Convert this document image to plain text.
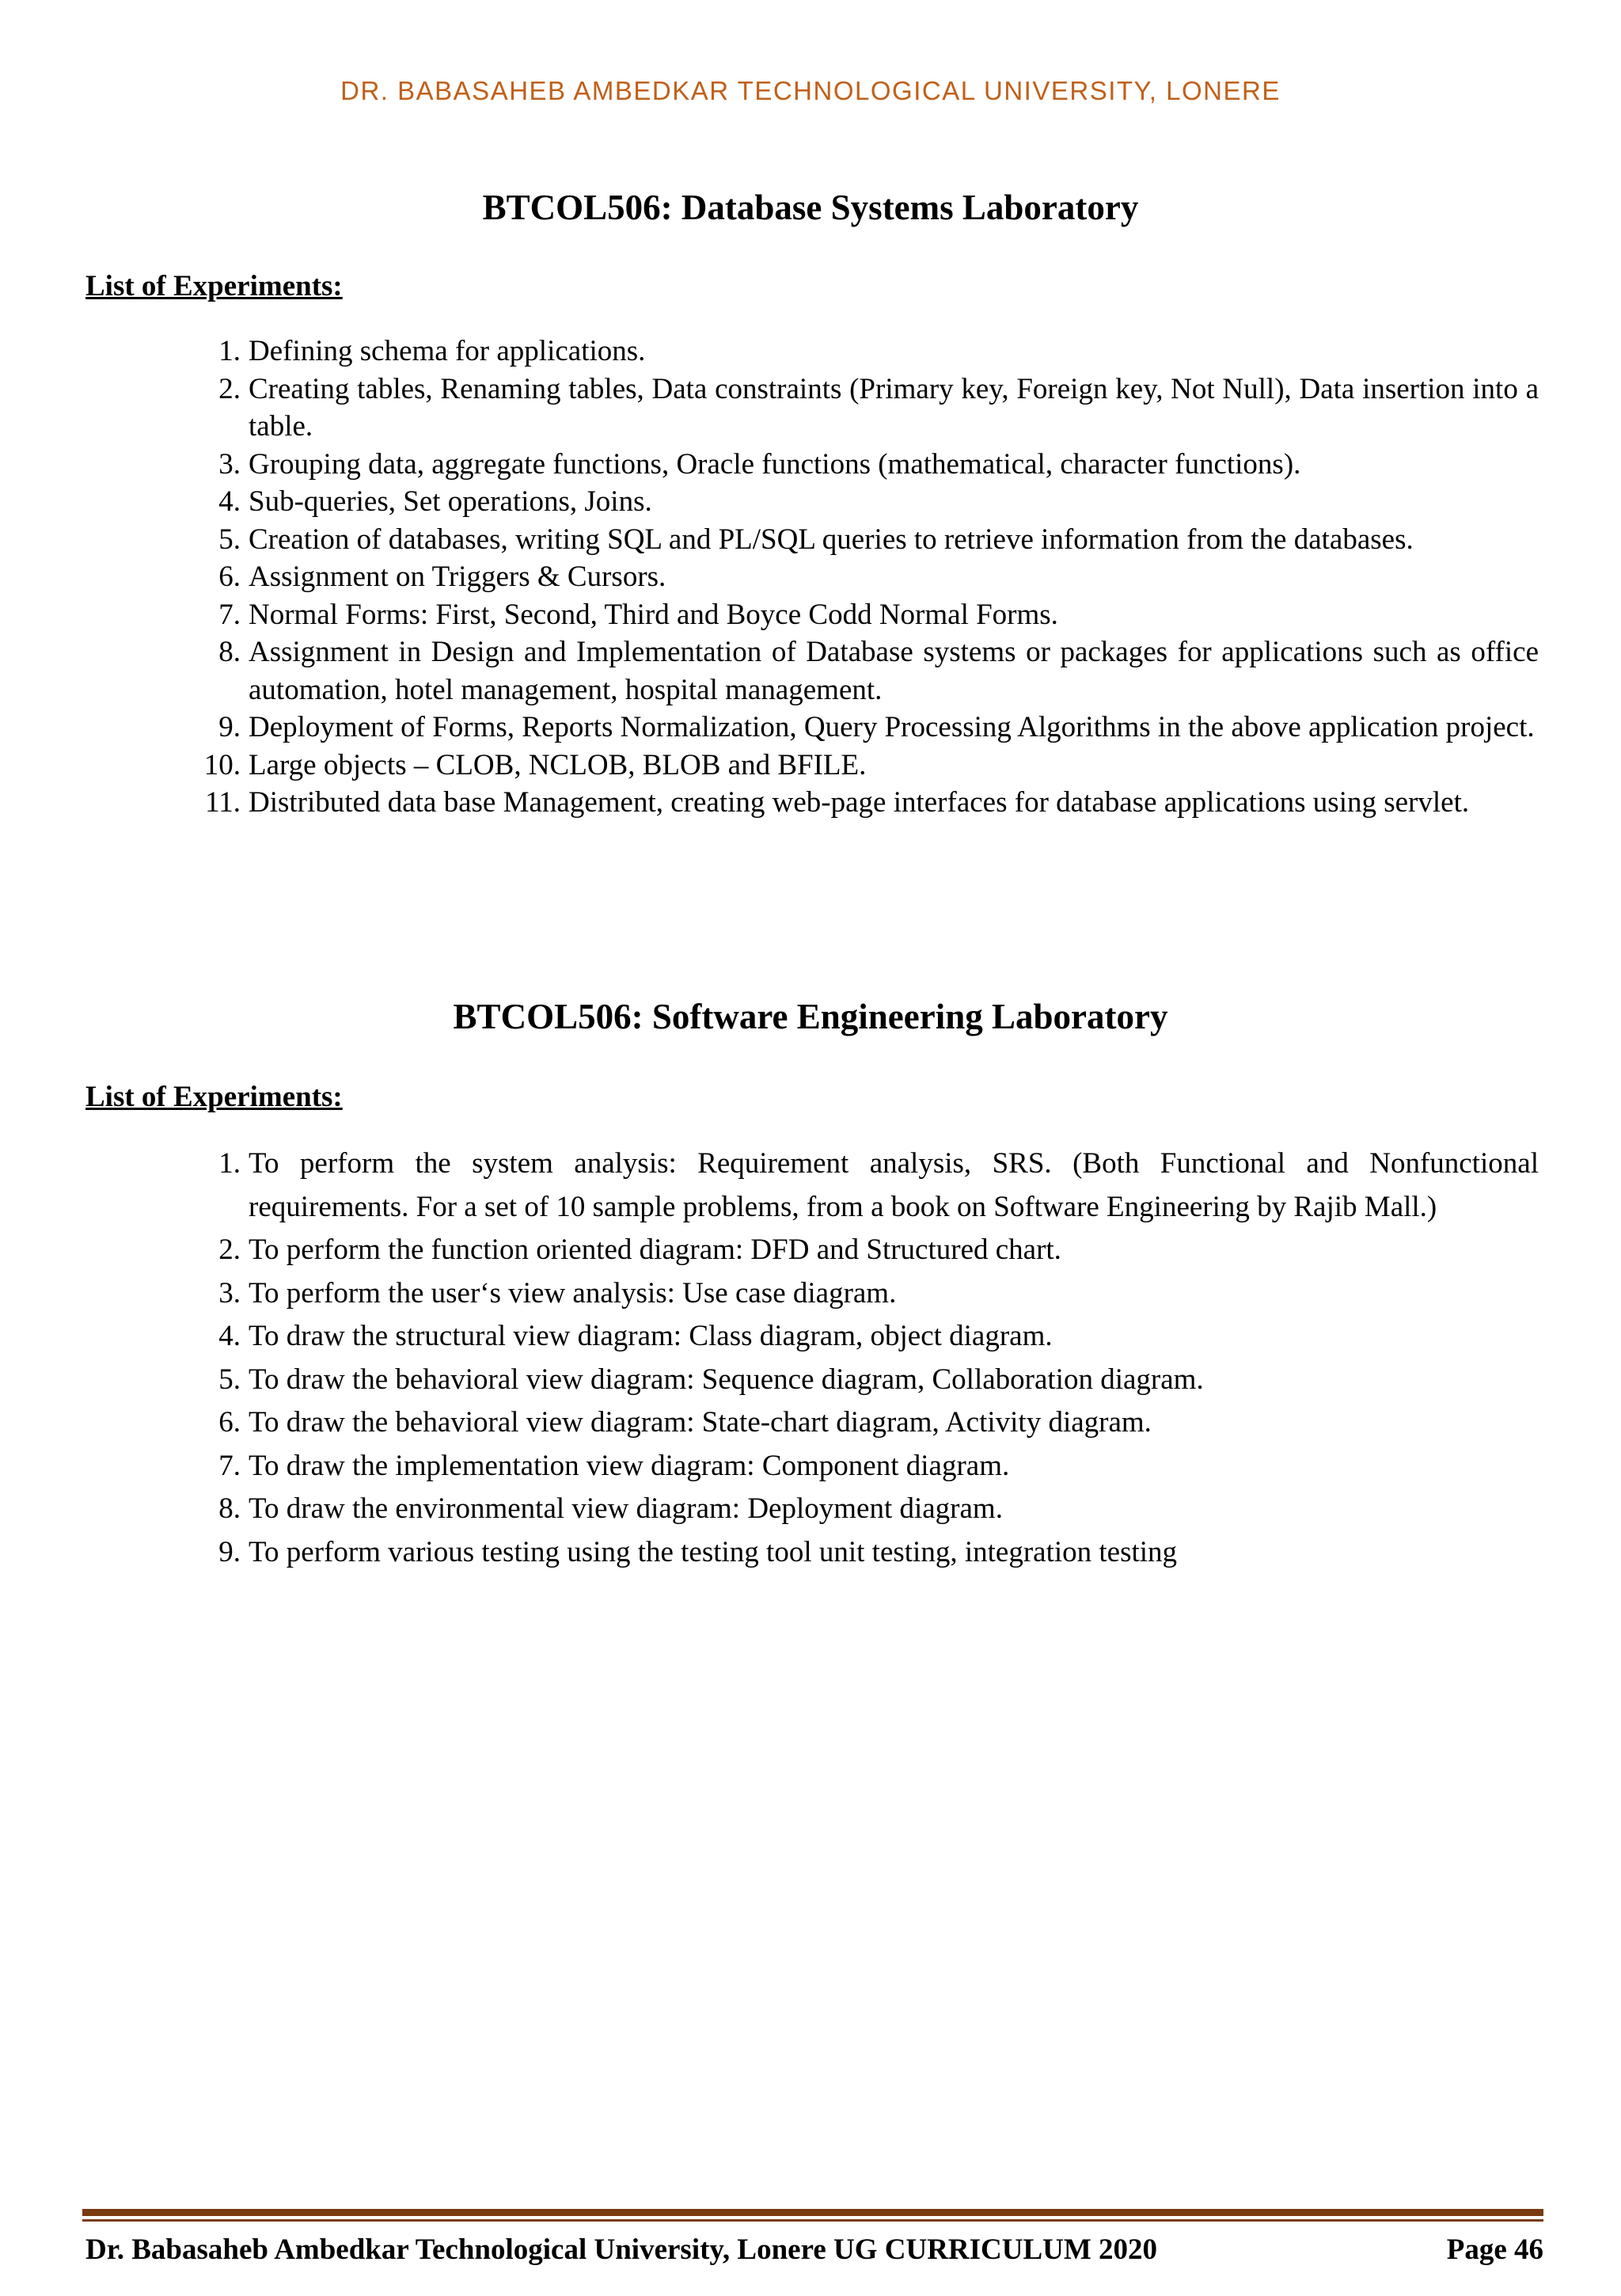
DR. BABASAHEB AMBEDKAR TECHNOLOGICAL UNIVERSITY, LONERE
BTCOL506: Database Systems Laboratory
List of Experiments:
1. Defining schema for applications.
2. Creating tables, Renaming tables, Data constraints (Primary key, Foreign key, Not Null), Data insertion into a table.
3. Grouping data, aggregate functions, Oracle functions (mathematical, character functions).
4. Sub-queries, Set operations, Joins.
5. Creation of databases, writing SQL and PL/SQL queries to retrieve information from the databases.
6. Assignment on Triggers & Cursors.
7. Normal Forms: First, Second, Third and Boyce Codd Normal Forms.
8. Assignment in Design and Implementation of Database systems or packages for applications such as office automation, hotel management, hospital management.
9. Deployment of Forms, Reports Normalization, Query Processing Algorithms in the above application project.
10. Large objects – CLOB, NCLOB, BLOB and BFILE.
11. Distributed data base Management, creating web-page interfaces for database applications using servlet.
BTCOL506: Software Engineering Laboratory
List of Experiments:
1. To perform the system analysis: Requirement analysis, SRS. (Both Functional and Nonfunctional requirements. For a set of 10 sample problems, from a book on Software Engineering by Rajib Mall.)
2. To perform the function oriented diagram: DFD and Structured chart.
3. To perform the user‘s view analysis: Use case diagram.
4. To draw the structural view diagram: Class diagram, object diagram.
5. To draw the behavioral view diagram: Sequence diagram, Collaboration diagram.
6. To draw the behavioral view diagram: State-chart diagram, Activity diagram.
7. To draw the implementation view diagram: Component diagram.
8. To draw the environmental view diagram: Deployment diagram.
9. To perform various testing using the testing tool unit testing, integration testing
Dr. Babasaheb Ambedkar Technological University, Lonere UG CURRICULUM 2020	Page 46
